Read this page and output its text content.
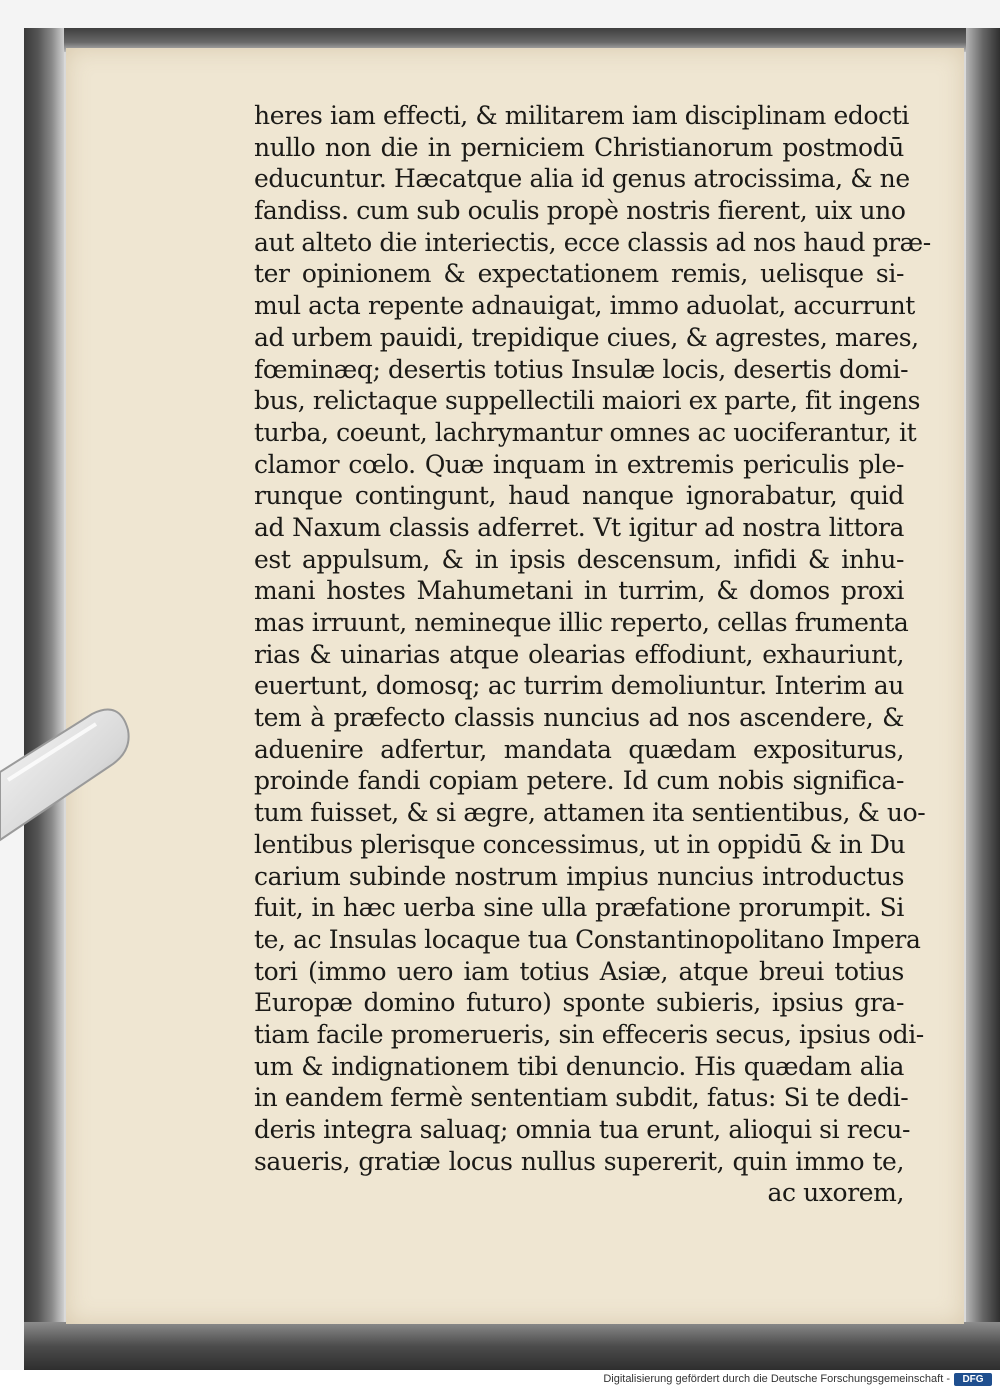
heres iam effecti, & militarem iam disciplinam edocti
nullo non die in perniciem Christianorum postmodū
educuntur. Hæcatque alia id genus atrocissima, & ne
fandiss. cum sub oculis propè nostris fierent, uix uno
aut alteto die interiectis, ecce classis ad nos haud præ-
ter opinionem & expectationem remis, uelisque si-
mul acta repente adnauigat, immo aduolat, accurrunt
ad urbem pauidi, trepidique ciues, & agrestes, mares,
fœminæq; desertis totius Insulæ locis, desertis domi-
bus, relictaque suppellectili maiori ex parte, fit ingens
turba, coeunt, lachrymantur omnes ac uociferantur, it
clamor cœlo. Quæ inquam in extremis periculis ple-
runque contingunt, haud nanque ignorabatur, quid
ad Naxum classis adferret. Vt igitur ad nostra littora
est appulsum, & in ipsis descensum, infidi & inhu-
mani hostes Mahumetani in turrim, & domos proxi
mas irruunt, nemineque illic reperto, cellas frumenta
rias & uinarias atque olearias effodiunt, exhauriunt,
euertunt, domosq; ac turrim demoliuntur. Interim au
tem à præfecto classis nuncius ad nos ascendere, &
aduenire adfertur, mandata quædam expositurus,
proinde fandi copiam petere. Id cum nobis significa-
tum fuisset, & si ægre, attamen ita sentientibus, & uo-
lentibus plerisque concessimus, ut in oppidū & in Du
carium subinde nostrum impius nuncius introductus
fuit, in hæc uerba sine ulla præfatione prorumpit. Si
te, ac Insulas locaque tua Constantinopolitano Impera
tori (immo uero iam totius Asiæ, atque breui totius
Europæ domino futuro) sponte subieris, ipsius gra-
tiam facile promerueris, sin effeceris secus, ipsius odi-
um & indignationem tibi denuncio. His quædam alia
in eandem fermè sententiam subdit, fatus: Si te dedi-
deris integra saluaq; omnia tua erunt, alioqui si recu-
saueris, gratiæ locus nullus supererit, quin immo te,
ac uxorem,
Digitalisierung gefördert durch die Deutsche Forschungsgemeinschaft -	DFG
